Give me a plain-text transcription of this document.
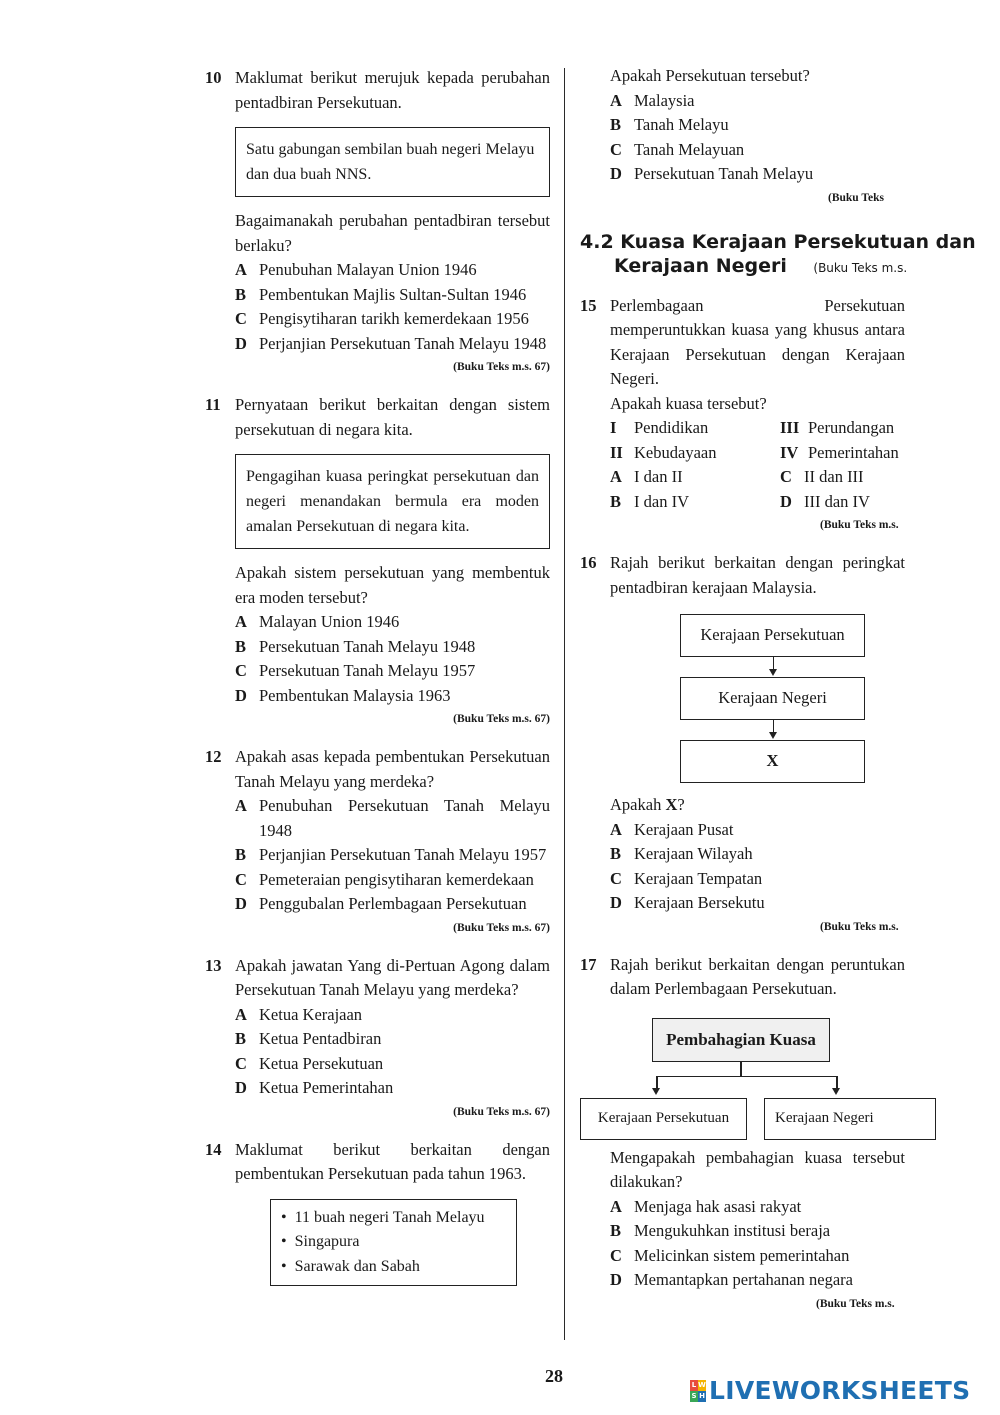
10 Maklumat berikut merujuk kepada perubahan pentadbiran Persekutuan.
Satu gabungan sembilan buah negeri Melayu dan dua buah NNS.
Bagaimanakah perubahan pentadbiran tersebut berlaku?
A Penubuhan Malayan Union 1946
B Pembentukan Majlis Sultan-Sultan 1946
C Pengisytiharan tarikh kemerdekaan 1956
D Perjanjian Persekutuan Tanah Melayu 1948
(Buku Teks m.s. 67)
11 Pernyataan berikut berkaitan dengan sistem persekutuan di negara kita.
Pengagihan kuasa peringkat persekutuan dan negeri menandakan bermula era moden amalan Persekutuan di negara kita.
Apakah sistem persekutuan yang membentuk era moden tersebut?
A Malayan Union 1946
B Persekutuan Tanah Melayu 1948
C Persekutuan Tanah Melayu 1957
D Pembentukan Malaysia 1963
(Buku Teks m.s. 67)
12 Apakah asas kepada pembentukan Persekutuan Tanah Melayu yang merdeka?
A Penubuhan Persekutuan Tanah Melayu 1948
B Perjanjian Persekutuan Tanah Melayu 1957
C Pemeteraian pengisytiharan kemerdekaan
D Penggubalan Perlembagaan Persekutuan
(Buku Teks m.s. 67)
13 Apakah jawatan Yang di-Pertuan Agong dalam Persekutuan Tanah Melayu yang merdeka?
A Ketua Kerajaan
B Ketua Pentadbiran
C Ketua Persekutuan
D Ketua Pemerintahan
(Buku Teks m.s. 67)
14 Maklumat berikut berkaitan dengan pembentukan Persekutuan pada tahun 1963.
• 11 buah negeri Tanah Melayu
• Singapura
• Sarawak dan Sabah
Apakah Persekutuan tersebut?
A Malaysia
B Tanah Melayu
C Tanah Melayuan
D Persekutuan Tanah Melayu
(Buku Teks
4.2 Kuasa Kerajaan Persekutuan dan
Kerajaan Negeri (Buku Teks m.s.
15 Perlembagaan Persekutuan memperuntukkan kuasa yang khusus antara Kerajaan Persekutuan dengan Kerajaan Negeri.
Apakah kuasa tersebut?
I Pendidikan	III Perundangan
II Kebudayaan	IV Pemerintahan
A I dan II	C II dan III
B I dan IV	D III dan IV
(Buku Teks m.s.
16 Rajah berikut berkaitan dengan peringkat pentadbiran kerajaan Malaysia.
Kerajaan Persekutuan
Kerajaan Negeri
X
Apakah X?
A Kerajaan Pusat
B Kerajaan Wilayah
C Kerajaan Tempatan
D Kerajaan Bersekutu
(Buku Teks m.s.
17 Rajah berikut berkaitan dengan peruntukan dalam Perlembagaan Persekutuan.
Pembahagian Kuasa
Kerajaan Persekutuan	Kerajaan Negeri
Mengapakah pembahagian kuasa tersebut dilakukan?
A Menjaga hak asasi rakyat
B Mengukuhkan institusi beraja
C Melicinkan sistem pemerintahan
D Memantapkan pertahanan negara
(Buku Teks m.s.
28	L W
S H LIVEWORKSHEETS
